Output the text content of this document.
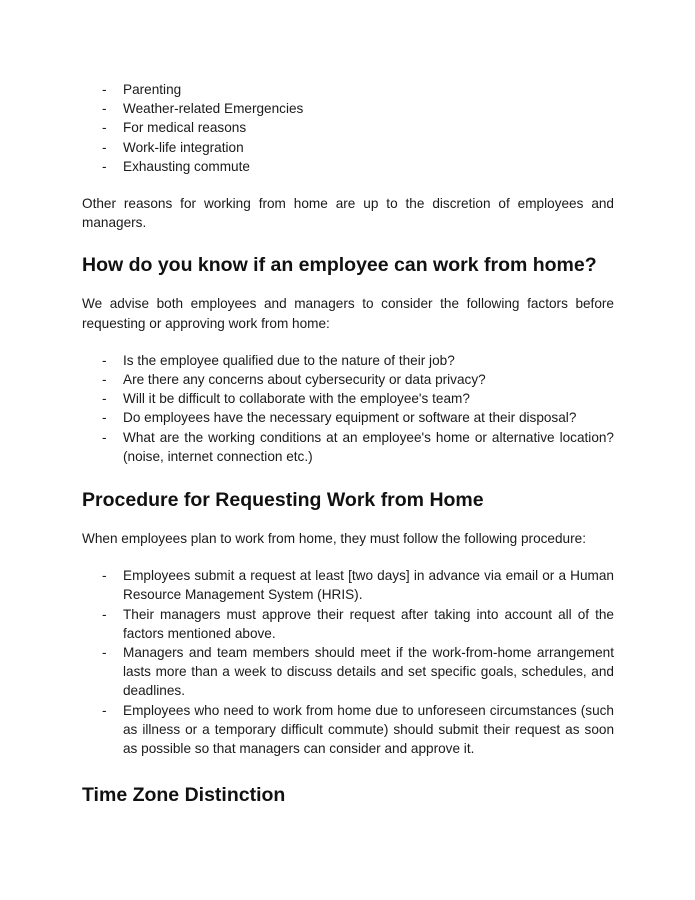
- Parenting
- Weather-related Emergencies
- For medical reasons
- Work-life integration
- Exhausting commute

Other reasons for working from home are up to the discretion of employees and managers.

How do you know if an employee can work from home?

We advise both employees and managers to consider the following factors before requesting or approving work from home:

- Is the employee qualified due to the nature of their job?
- Are there any concerns about cybersecurity or data privacy?
- Will it be difficult to collaborate with the employee's team?
- Do employees have the necessary equipment or software at their disposal?
- What are the working conditions at an employee's home or alternative location? (noise, internet connection etc.)
Procedure for Requesting Work from Home

When employees plan to work from home, they must follow the following procedure:

- Employees submit a request at least [two days] in advance via email or a Human Resource Management System (HRIS).
- Their managers must approve their request after taking into account all of the factors mentioned above.
- Managers and team members should meet if the work-from-home arrangement lasts more than a week to discuss details and set specific goals, schedules, and deadlines.
- Employees who need to work from home due to unforeseen circumstances (such as illness or a temporary difficult commute) should submit their request as soon as possible so that managers can consider and approve it.
Time Zone Distinction
